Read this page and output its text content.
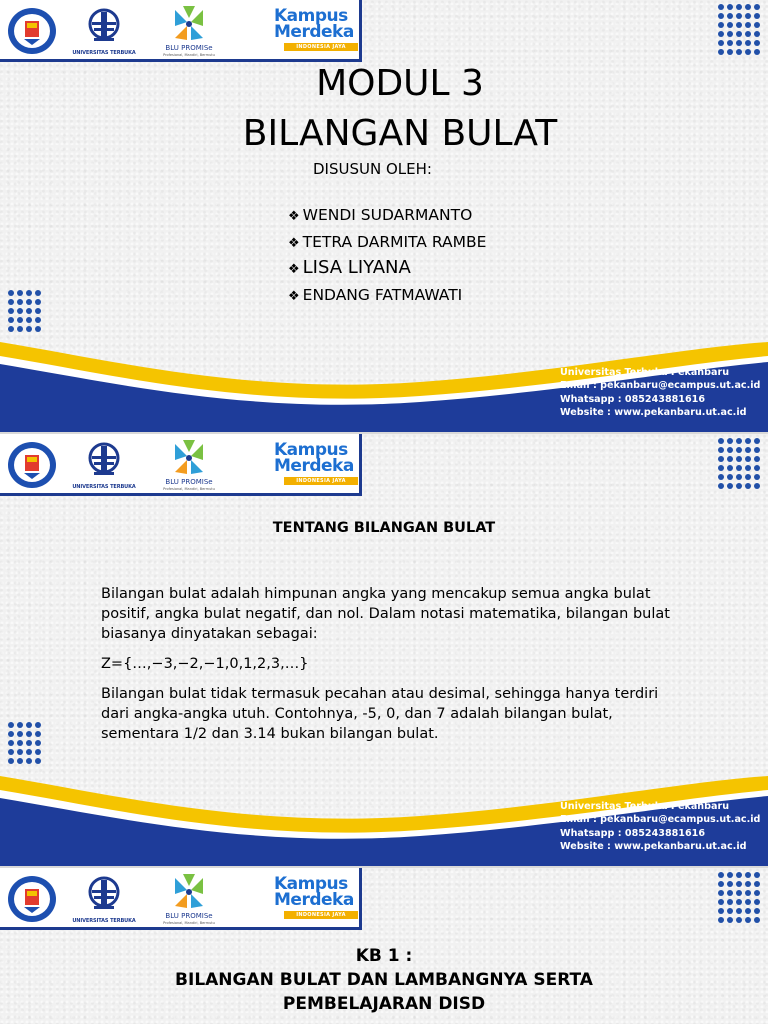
UNIVERSITAS TERBUKA
BLU PROMISe
Profesional, Mandiri, Bermutu
Kampus
Merdeka
INDONESIA JAYA
MODUL 3
BILANGAN BULAT
DISUSUN OLEH:
❖ WENDI SUDARMANTO
❖ TETRA DARMITA RAMBE
❖ LISA LIYANA
❖ ENDANG FATMAWATI
Universitas Terbuka Pekanbaru
Email : pekanbaru@ecampus.ut.ac.id
Whatsapp : 085243881616
Website : www.pekanbaru.ut.ac.id
UNIVERSITAS TERBUKA
BLU PROMISe
Profesional, Mandiri, Bermutu
Kampus
Merdeka
INDONESIA JAYA
TENTANG BILANGAN BULAT

Bilangan bulat adalah himpunan angka yang mencakup semua angka bulat positif, angka bulat negatif, dan nol. Dalam notasi matematika, bilangan bulat biasanya dinyatakan sebagai:

Z={…,−3,−2,−1,0,1,2,3,…}

Bilangan bulat tidak termasuk pecahan atau desimal, sehingga hanya terdiri dari angka-angka utuh. Contohnya, -5, 0, dan 7 adalah bilangan bulat, sementara 1/2 dan 3.14 bukan bilangan bulat.

Universitas Terbuka Pekanbaru
Email : pekanbaru@ecampus.ut.ac.id
Whatsapp : 085243881616
Website : www.pekanbaru.ut.ac.id
UNIVERSITAS TERBUKA
BLU PROMISe
Profesional, Mandiri, Bermutu
Kampus
Merdeka
INDONESIA JAYA
KB 1 :
BILANGAN BULAT DAN LAMBANGNYA SERTA
PEMBELAJARAN DISD
